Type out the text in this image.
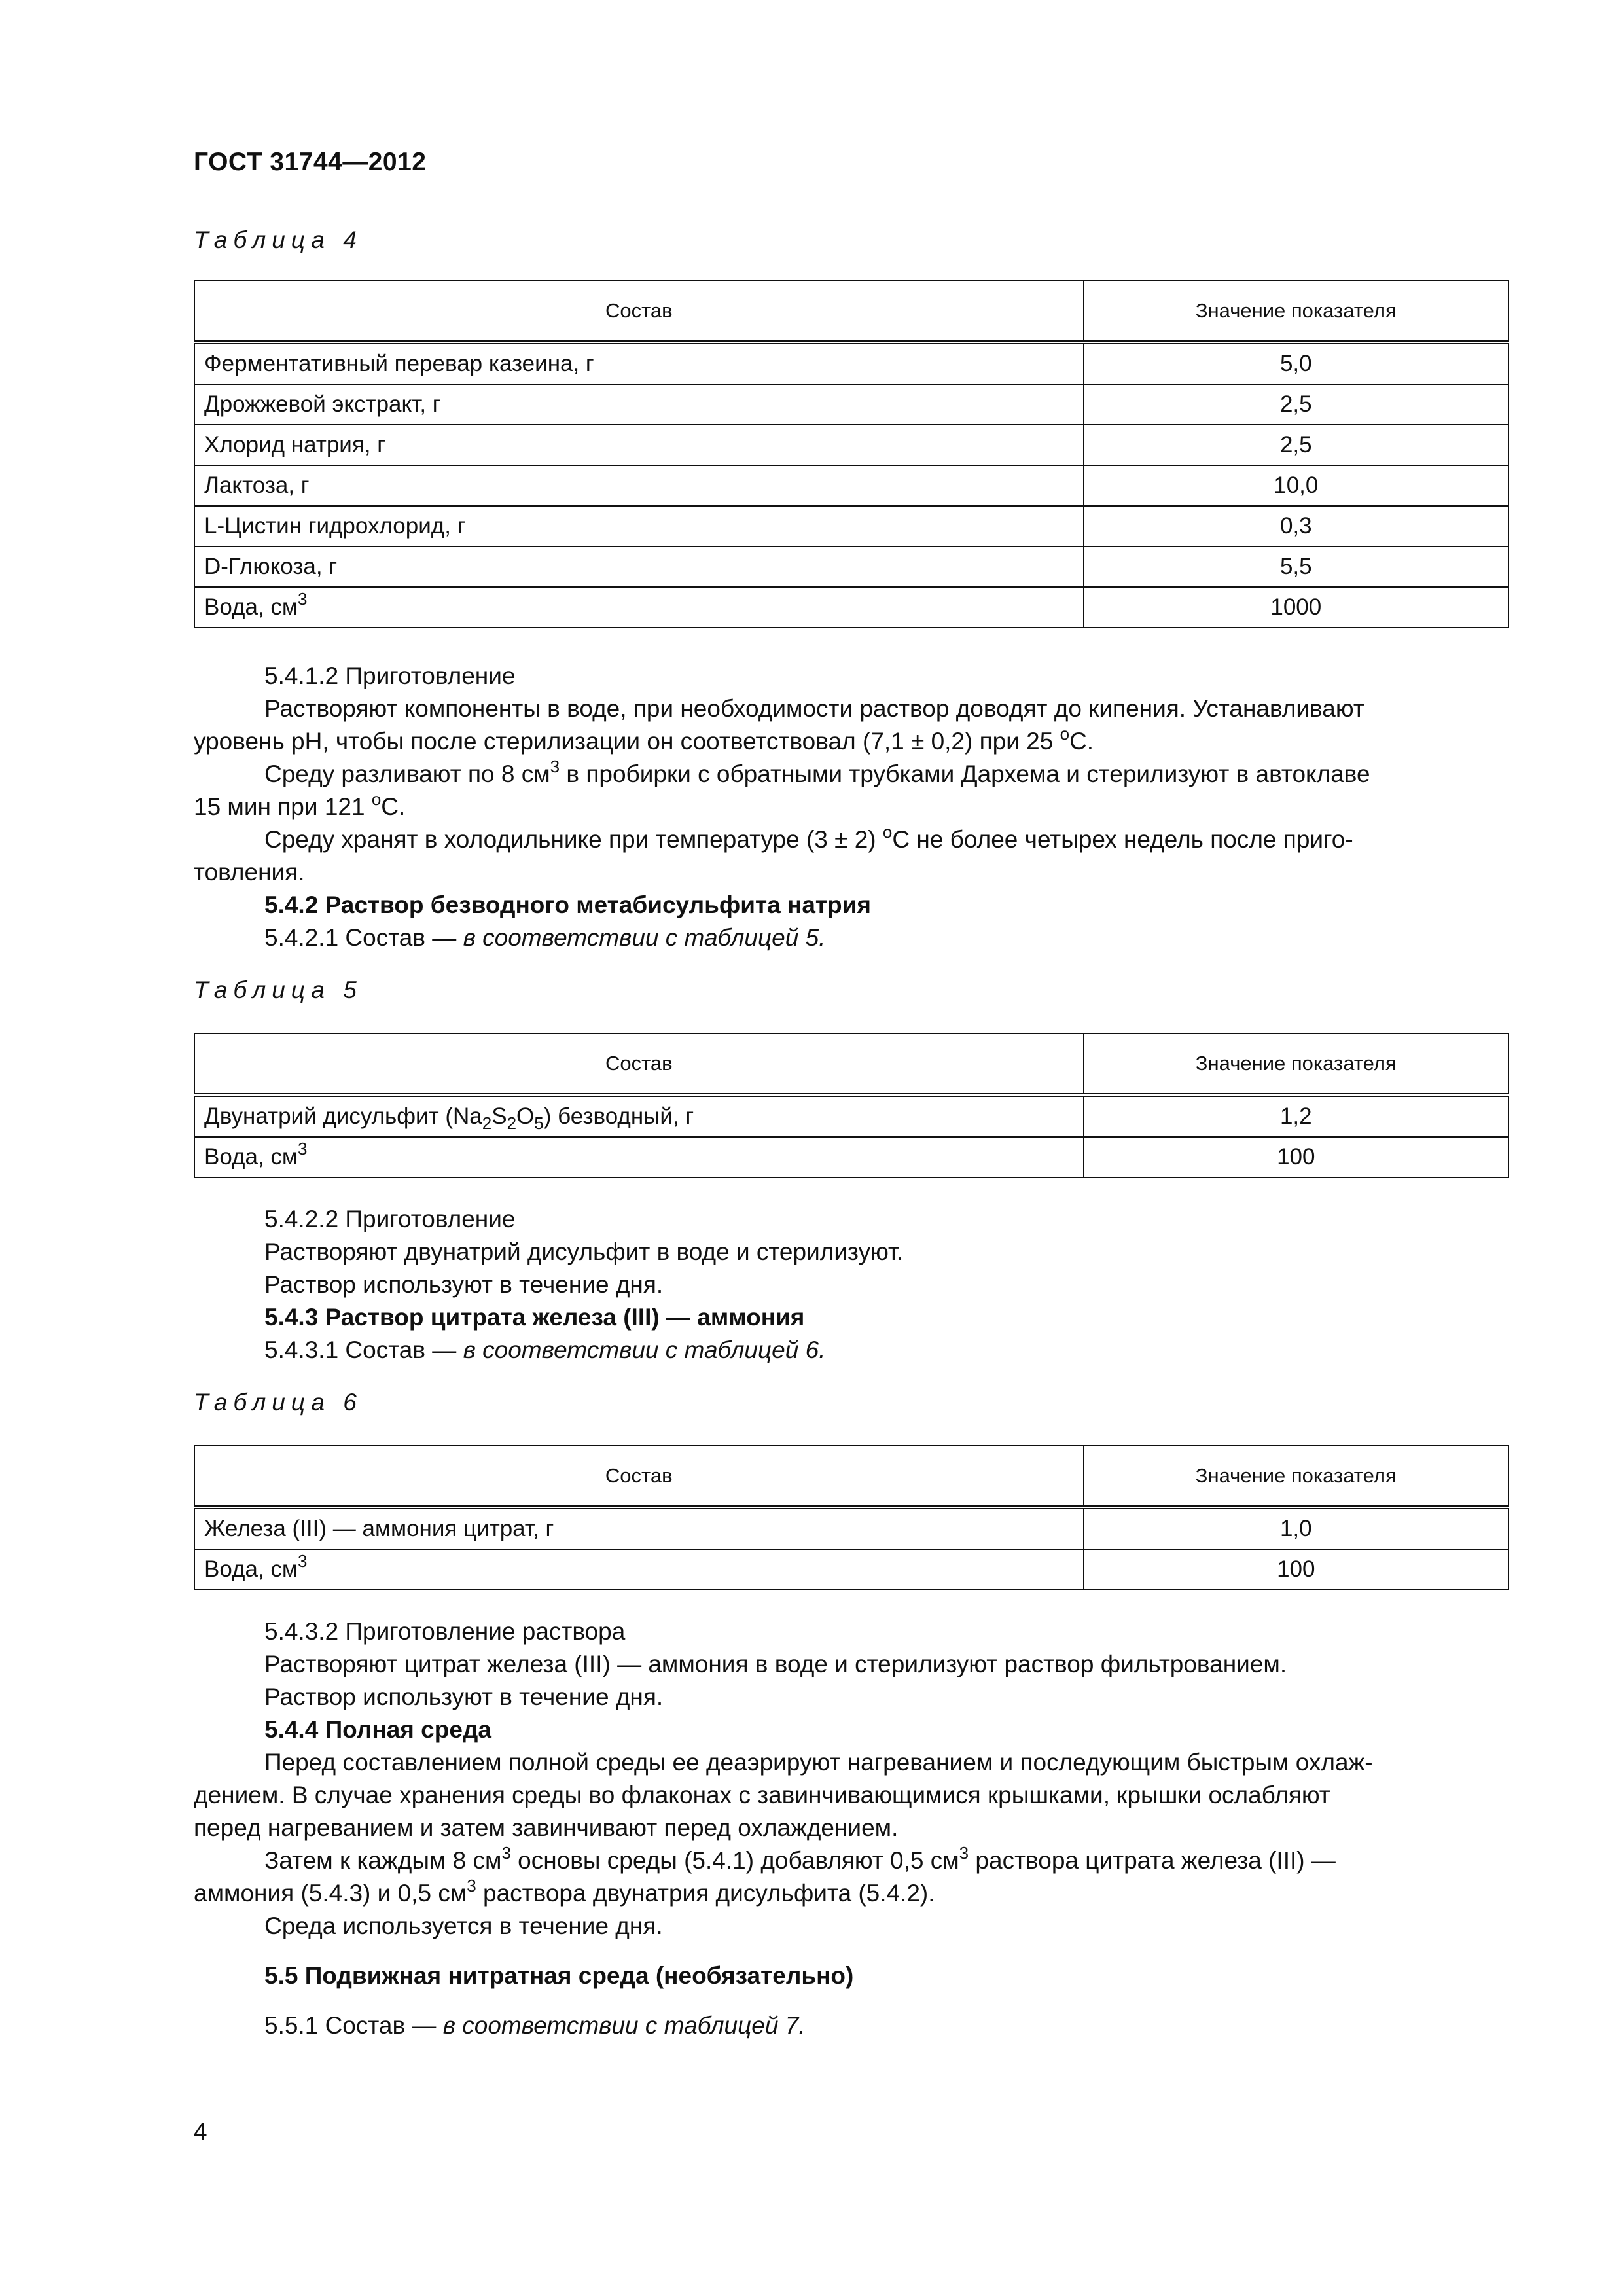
ГОСТ 31744—2012
Таблица 4
Состав	Значение показателя
Ферментативный перевар казеина, г	5,0
Дрожжевой экстракт, г	2,5
Хлорид натрия, г	2,5
Лактоза, г	10,0
L-Цистин гидрохлорид, г	0,3
D-Глюкоза, г	5,5
Вода, $см^3$	1000
5.4.1.2 Приготовление
Растворяют компоненты в воде, при необходимости раствор доводят до кипения. Устанавливают
уровень рН, чтобы после стерилизации он соответствовал (7,1 ± 0,2) при 25 $^o$С.
Среду разливают по 8 $см^3$ в пробирки с обратными трубками Дархема и стерилизуют в автоклаве
15 мин при 121 $^о$С.
Среду хранят в холодильнике при температуре (3 ± 2) $^о$С не более четырех недель после приго-
товления.
5.4.2 Раствор безводного метабисульфита натрия
5.4.2.1 Состав — в соответствии с таблицей 5.
Таблица 5
Состав	Значение показателя
Двунатрий дисульфит $(Na_2S_2O_5)$ безводный, г	1,2
Вода, $см^3$	100
5.4.2.2 Приготовление
Растворяют двунатрий дисульфит в воде и стерилизуют.
Раствор используют в течение дня.
5.4.3 Раствор цитрата железа (III) — аммония
5.4.3.1 Состав — в соответствии с таблицей 6.
Таблица 6
Состав	Значение показателя
Железа (III) — аммония цитрат, г	1,0
Вода, $см^3$	100
5.4.3.2 Приготовление раствора
Растворяют цитрат железа (III) — аммония в воде и стерилизуют раствор фильтрованием.
Раствор используют в течение дня.
5.4.4 Полная среда
Перед составлением полной среды ее деаэрируют нагреванием и последующим быстрым охлаж-
дением. В случае хранения среды во флаконах с завинчивающимися крышками, крышки ослабляют
перед нагреванием и затем завинчивают перед охлаждением.
Затем к каждым 8 $см^3$ основы среды (5.4.1) добавляют 0,5 $см^3$ раствора цитрата железа (III) —
аммония (5.4.3) и 0,5 $см^3$ раствора двунатрия дисульфита (5.4.2).
Среда используется в течение дня.
5.5 Подвижная нитратная среда (необязательно)
5.5.1 Состав — в соответствии с таблицей 7.
4
